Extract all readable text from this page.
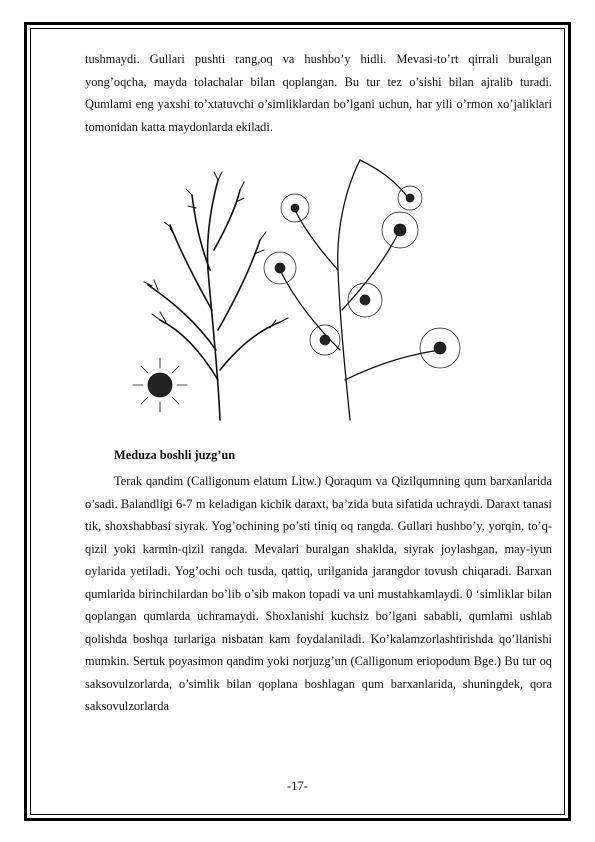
tushmaydi. Gullari pushti rang,oq va hushbo’y hidli. Mevasi-to’rt qirrali buralgan yong’oqcha, mayda tolachalar bilan qoplangan. Bu tur tez o’sishi bilan ajralib turadi. Qumlami eng yaxshi to’xtatuvchi o’simliklardan bo’lgani uchun, har yili o’rmon xo’jaliklari tomonidan katta maydonlarda ekiladi.

Meduza boshli juzg’un

Terak qandim (Calligonum elatum Litw.) Qoraqum va Qizilqumning qum barxanlarida o’sadi. Balandligi 6-7 m keladigan kichik daraxt, ba’zida buta sifatida uchraydi. Daraxt tanasi tik, shoxshabbasi siyrak. Yog’ochining po’sti tiniq oq rangda. Gullari hushbo’y, yorqin, to’q-qizil yoki karmin-qizil rangda. Mevalari buralgan shaklda, siyrak joylashgan, may-iyun oylarida yetiladi. Yog’ochi och tusda, qattiq, urilganida jarangdor tovush chiqaradi. Barxan qumlarida birinchilardan bo’lib o’sib makon topadi va uni mustahkamlaydi. 0 ‘simliklar bilan qoplangan qumlarda uchramaydi. Shoxlanishi kuchsiz bo’lgani sababli, qumlami ushlab qolishda boshqa turlariga nisbatan kam foydalaniladi. Ko’kalamzorlashtirishda qo’llanishi mumkin. Sertuk poyasimon qandim yoki norjuzg’un (Calligonum eriopodum Bge.) Bu tur oq saksovulzorlarda, o’simlik bilan qoplana boshlagan qum barxanlarida, shuningdek, qora saksovulzorlarda

-17-
